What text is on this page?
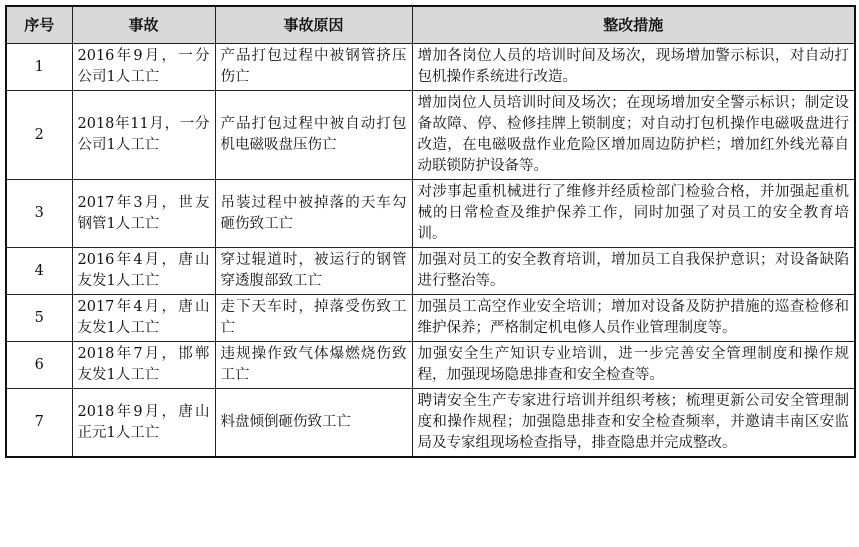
序号	事故	事故原因	整改措施
1	2016年9月，一分公司1人工亡	产品打包过程中被钢管挤压伤亡	增加各岗位人员的培训时间及场次，现场增加警示标识，对自动打包机操作系统进行改造。
2	2018年11月，一分公司1人工亡	产品打包过程中被自动打包机电磁吸盘压伤亡	增加岗位人员培训时间及场次；在现场增加安全警示标识；制定设备故障、停、检修挂牌上锁制度；对自动打包机操作电磁吸盘进行改造，在电磁吸盘作业危险区增加周边防护栏；增加红外线光幕自动联锁防护设备等。
3	2017年3月，世友钢管1人工亡	吊装过程中被掉落的天车勾砸伤致工亡	对涉事起重机械进行了维修并经质检部门检验合格，并加强起重机械的日常检查及维护保养工作，同时加强了对员工的安全教育培训。
4	2016年4月，唐山友发1人工亡	穿过辊道时，被运行的钢管穿透腹部致工亡	加强对员工的安全教育培训，增加员工自我保护意识；对设备缺陷进行整治等。
5	2017年4月，唐山友发1人工亡	走下天车时，掉落受伤致工亡	加强员工高空作业安全培训；增加对设备及防护措施的巡查检修和维护保养；严格制定机电修人员作业管理制度等。
6	2018年7月，邯郸友发1人工亡	违规操作致气体爆燃烧伤致工亡	加强安全生产知识专业培训，进一步完善安全管理制度和操作规程，加强现场隐患排查和安全检查等。
7	2018年9月，唐山正元1人工亡	料盘倾倒砸伤致工亡	聘请安全生产专家进行培训并组织考核；梳理更新公司安全管理制度和操作规程；加强隐患排查和安全检查频率，并邀请丰南区安监局及专家组现场检查指导，排查隐患并完成整改。
